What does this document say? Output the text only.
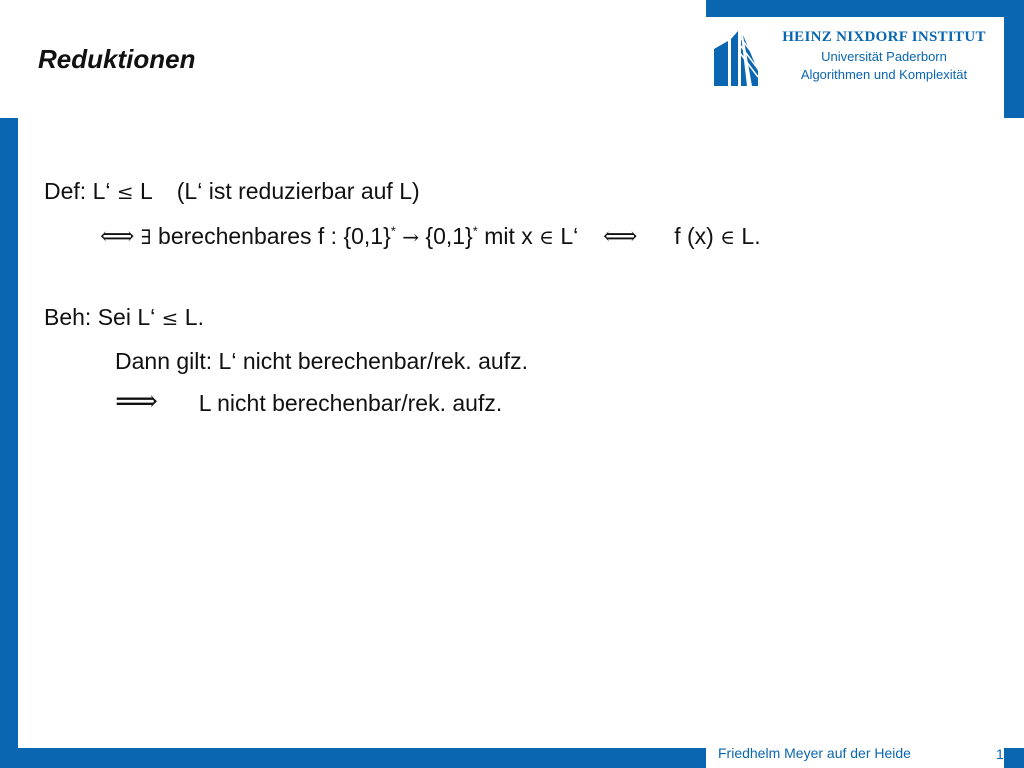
Reduktionen
HEINZ NIXDORF INSTITUT
Universität Paderborn
Algorithmen und Komplexität
Def: L‘ ≤ L (L‘ ist reduzierbar auf L)
⟺ ∃ berechenbares f : {0,1}* → {0,1}* mit x ∈ L‘ ⟺ f (x) ∈ L.
Beh: Sei L‘ ≤ L.
Dann gilt: L‘ nicht berechenbar/rek. aufz.
⟹ L nicht berechenbar/rek. aufz.
Friedhelm Meyer auf der Heide	1
